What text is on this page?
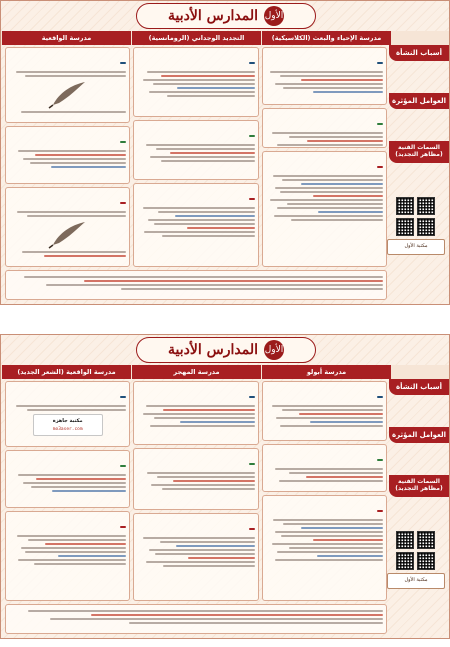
الأول
المدارس الأدبية
مدرسة الإحياء والبعث (الكلاسيكية)
التجديد الوجداني (الرومانسية)
مدرسة الواقعية
أسباب النشأة
العوامل المؤثرة
السمات الفنية (مظاهر التجديد)
مكتبة الأول
الأول
المدارس الأدبية
مدرسة أبولو
مدرسة المهجر
مدرسة الواقعية (الشعر الجديد)
أسباب النشأة
العوامل المؤثرة
السمات الفنية (مظاهر التجديد)
مكتبة جاهزة
mo3aser.com
مكتبة الأول
